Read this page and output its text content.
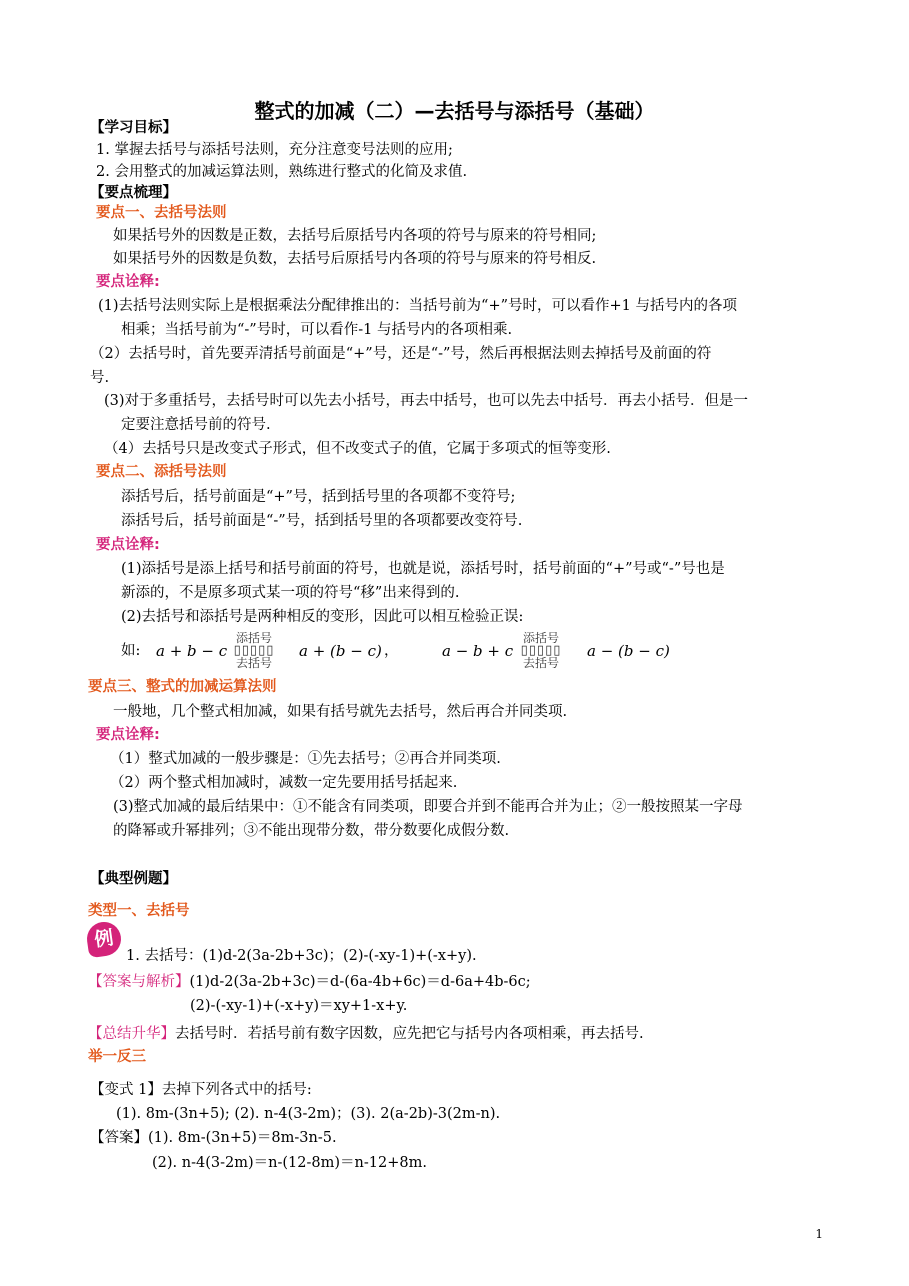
整式的加减（二）—去括号与添括号（基础）
【学习目标】
1. 掌握去括号与添括号法则，充分注意变号法则的应用;
2. 会用整式的加减运算法则，熟练进行整式的化简及求值.
【要点梳理】
要点一、去括号法则
如果括号外的因数是正数，去括号后原括号内各项的符号与原来的符号相同;
如果括号外的因数是负数，去括号后原括号内各项的符号与原来的符号相反.
要点诠释:
(1)去括号法则实际上是根据乘法分配律推出的：当括号前为“+”号时，可以看作+1 与括号内的各项
相乘；当括号前为“-”号时，可以看作-1 与括号内的各项相乘.
（2）去括号时，首先要弄清括号前面是“+”号，还是“-”号，然后再根据法则去掉括号及前面的符
号.
(3)对于多重括号，去括号时可以先去小括号，再去中括号，也可以先去中括号．再去小括号．但是一
定要注意括号前的符号.
（4）去括号只是改变式子形式，但不改变式子的值，它属于多项式的恒等变形.
要点二、添括号法则
添括号后，括号前面是“+”号，括到括号里的各项都不变符号;
添括号后，括号前面是“-”号，括到括号里的各项都要改变符号.
要点诠释:
(1)添括号是添上括号和括号前面的符号，也就是说，添括号时，括号前面的“+”号或“-”号也是
新添的，不是原多项式某一项的符号“移”出来得到的.
(2)去括号和添括号是两种相反的变形，因此可以相互检验正误:
如: a + b − c
添括号
▯▯▯▯▯
去括号
a + (b − c) ，	a − b + c
添括号
▯▯▯▯▯
去括号
a − (b − c)
要点三、整式的加减运算法则
一般地，几个整式相加减，如果有括号就先去括号，然后再合并同类项.
要点诠释:
（1）整式加减的一般步骤是：①先去括号；②再合并同类项.
（2）两个整式相加减时，减数一定先要用括号括起来.
(3)整式加减的最后结果中：①不能含有同类项，即要合并到不能再合并为止；②一般按照某一字母
的降幂或升幂排列；③不能出现带分数，带分数要化成假分数.
【典型例题】
类型一、去括号
例
1. 去括号：(1)d-2(3a-2b+3c)；(2)-(-xy-1)+(-x+y).
【答案与解析】(1)d-2(3a-2b+3c)＝d-(6a-4b+6c)＝d-6a+4b-6c;
(2)-(-xy-1)+(-x+y)＝xy+1-x+y.
【总结升华】去括号时．若括号前有数字因数，应先把它与括号内各项相乘，再去括号.
举一反三
【变式 1】去掉下列各式中的括号:
(1). 8m-(3n+5); (2). n-4(3-2m)；(3). 2(a-2b)-3(2m-n).
【答案】(1). 8m-(3n+5)＝8m-3n-5.
(2). n-4(3-2m)＝n-(12-8m)＝n-12+8m.
1
